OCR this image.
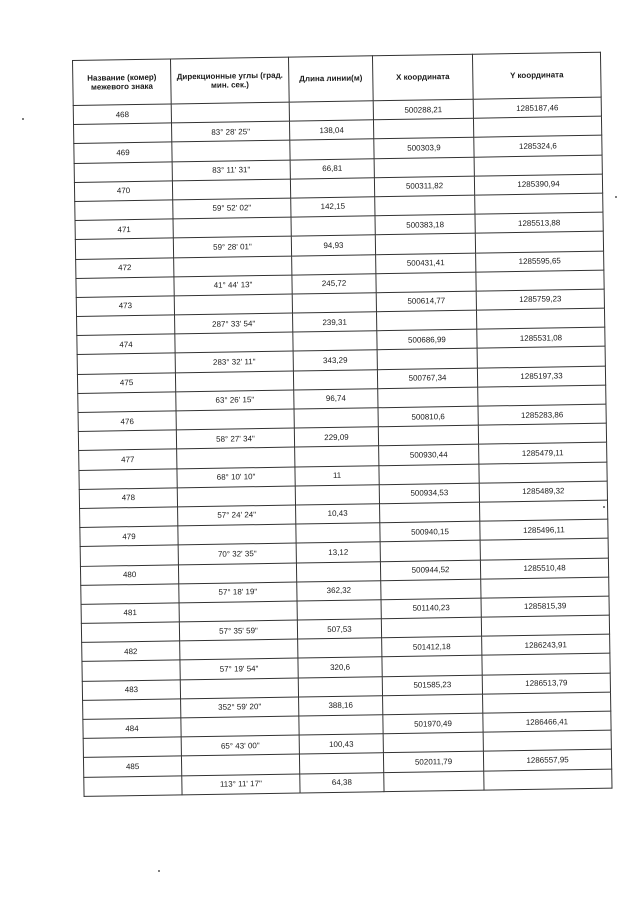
Название (комер) межевого знака	Дирекционные углы (град. мин. сек.)	Длина линии(м)	X координата	Y координата
468			500288,21	1285187,46
	83° 28' 25"	138,04		
469			500303,9	1285324,6
	83° 11' 31"	66,81		
470			500311,82	1285390,94
	59° 52' 02"	142,15		
471			500383,18	1285513,88
	59° 28' 01"	94,93		
472			500431,41	1285595,65
	41° 44' 13"	245,72		
473			500614,77	1285759,23
	287° 33' 54"	239,31		
474			500686,99	1285531,08
	283° 32' 11"	343,29		
475			500767,34	1285197,33
	63° 26' 15"	96,74		
476			500810,6	1285283,86
	58° 27' 34"	229,09		
477			500930,44	1285479,11
	68° 10' 10"	11		
478			500934,53	1285489,32
	57° 24' 24"	10,43		
479			500940,15	1285496,11
	70° 32' 35"	13,12		
480			500944,52	1285510,48
	57° 18' 19"	362,32		
481			501140,23	1285815,39
	57° 35' 59"	507,53		
482			501412,18	1286243,91
	57° 19' 54"	320,6		
483			501585,23	1286513,79
	352° 59' 20"	388,16		
484			501970,49	1286466,41
	65° 43' 00"	100,43		
485			502011,79	1286557,95
	113° 11' 17"	64,38		
